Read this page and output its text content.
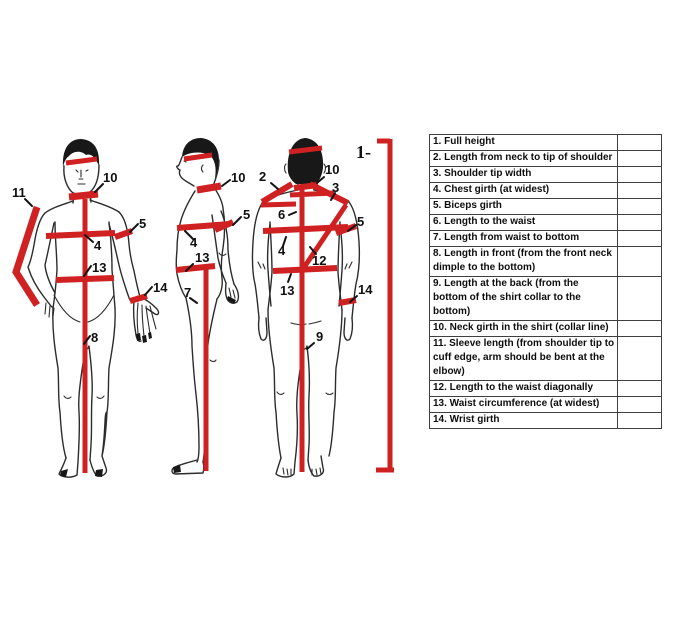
11
10
4
5
13
14
8
10
5
4
13
7
2	10
3
6	5
4
12
13	14
9
1-
1. Full height	
2. Length from neck to tip of shoulder	
3. Shoulder tip width	
4. Chest girth (at widest)	
5. Biceps girth	
6. Length to the waist	
7. Length from waist to bottom	
8. Length in front (from the front neck dimple to the bottom)	
9. Length at the back (from the bottom of the shirt collar to the bottom)	
10. Neck girth in the shirt (collar line)	
11. Sleeve length (from shoulder tip to cuff edge, arm should be bent at the elbow)	
12. Length to the waist diagonally	
13. Waist circumference (at widest)	
14. Wrist girth	
